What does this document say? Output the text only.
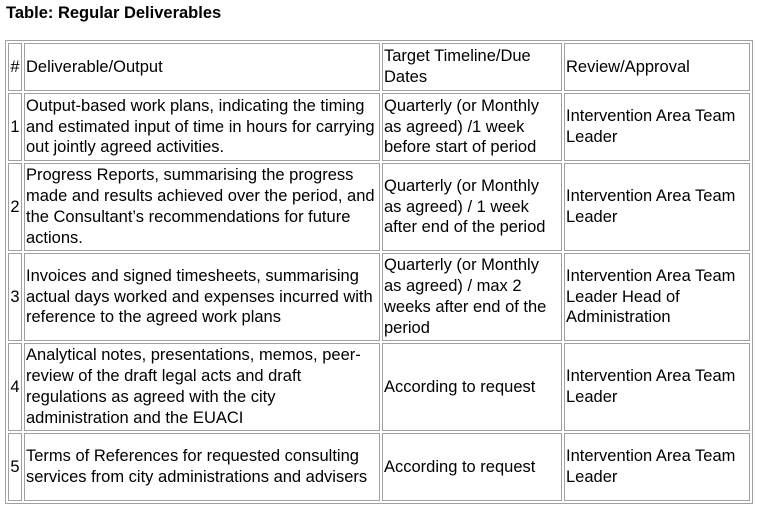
Table: Regular Deliverables
#	Deliverable/Output	Target Timeline/Due Dates	Review/Approval
1	Output-based work plans, indicating the timing and estimated input of time in hours for carrying out jointly agreed activities.	Quarterly (or Monthly as agreed) /1 week before start of period	Intervention Area Team Leader
2	Progress Reports, summarising the progress made and results achieved over the period, and the Consultant’s recommendations for future actions.	Quarterly (or Monthly as agreed) / 1 week after end of the period	Intervention Area Team Leader
3	Invoices and signed timesheets, summarising actual days worked and expenses incurred with reference to the agreed work plans	Quarterly (or Monthly as agreed) / max 2 weeks after end of the period	Intervention Area Team Leader Head of Administration
4	Analytical notes, presentations, memos, peer-review of the draft legal acts and draft regulations as agreed with the city administration and the EUACI	According to request	Intervention Area Team Leader
5	Terms of References for requested consulting services from city administrations and advisers	According to request	Intervention Area Team Leader
